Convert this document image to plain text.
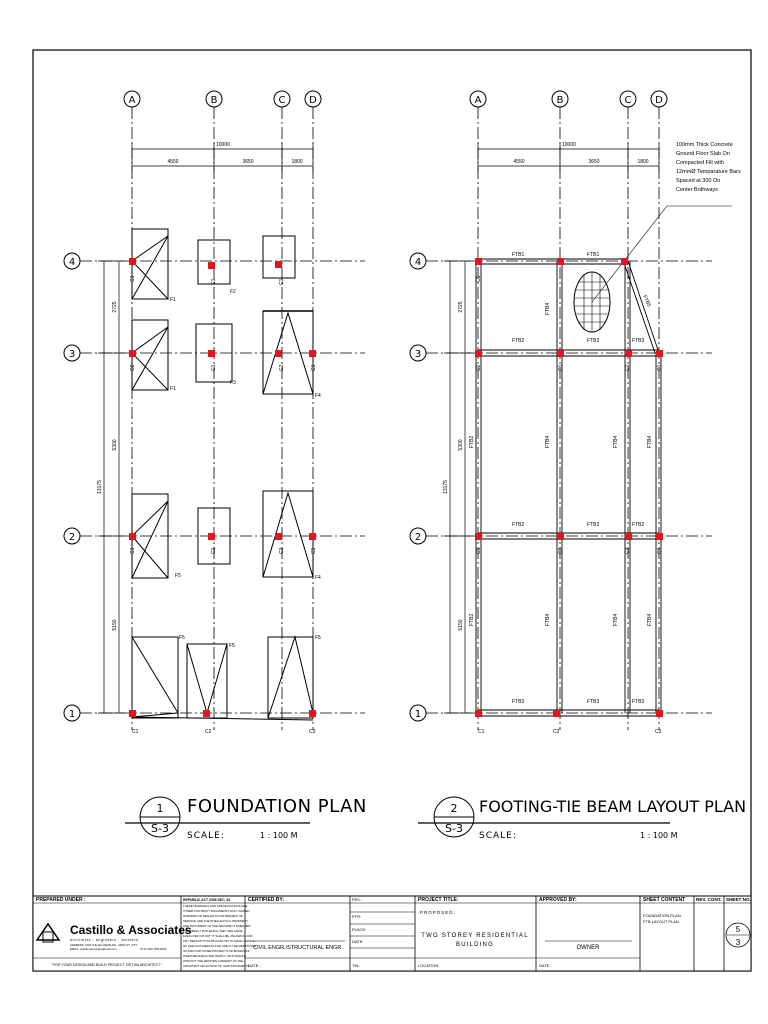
A	B	C D
4
3
2
1
10000
4550	3650	1800
13175
2725
5300
5150
F1
F2
F1
F3
F4
F5	F4
F5
F5
F5
C1	C1	C1
C2	C1	C2	C1
C1	C1	C3	C1
C1	C2	C3
1
S-3
FOUNDATION PLAN
SCALE:	1 : 100 M
A	B	C D
4
3
2
1
10000
4550	3650	1800
13175
2725
5300
5150
100mm Thick Concrete
Ground Floor Slab On
Compacted Fill with
12mmØ Temparature Bars
Spaced at 300 On
Center Bothways
FTB1	FTB1
FTB2	FTB3	FTB3
FTB2	FTB3	FTB2
FTB3	FTB3	FTB3
FTB2
FTB2
FTB4
FTB4
FTB4
FTB4
FTB4
FTB4
FTB4
FTB5
C1
C2	C1	C2	C1
C1	C1	C3	C1
C1	C2	C3
2
S-3
FOOTING-TIE BEAM LAYOUT PLAN
SCALE:	1 : 100 M
PREPARED UNDER :
Castillo & Associates
architects · engineers · builders
ADDRESS: UNIT 5-B, ELLISE BLDG., MAIN ST. CITY
EMAIL: castillo.associates@mail.com	CTN: 0917-555-0000
"FOR YOUR DESIGN AND BUILD PROJECT, GET AN ARCHITECT."
REPUBLIC ACT 9266 SEC. 33
THESE DRAWINGS AND SPECIFICATIONS ARE
OTHER CONTRACT DOCUMENTS DULY SIGNED
STAMPED OR SEALED AS INSTRUMENT OF
SERVICE, ARE THE INTELLECTUAL PROPERTY
AND DOCUMENT OF THE ARCHITECT WHETHER
THE OBJECT FOR WHICH THEY ARE MADE
EXECUTED OR NOT. IT SHALL BE UNLAWFUL FOR
ANY PERSON TO DUPLICATE OR TO MAKE COPIES
OF SAID DOCUMENTS FOR USE IN THE REPETITION
OF AND FOR OTHER PROJECTS OR BUILDINGS,
WHETHER EXECUTED PARTLY OR IN WHOLE
WITHOUT THE WRITTEN CONSENT OF THE
ARCHITECT OR AUTHOR OF SAID DOCUMENTS
CERTIFIED BY:
CIVIL ENGR./STRUCTURAL ENGR.
DATE :
PRC:
PTR:
PLACE:
DATE:
TIN:
PROJECT TITLE:
PROPOSED:
TWO STOREY RESIDENTIAL
BUILDING
LOCATION:
APPROVED BY:
OWNER
DATE :
SHEET CONTENT
FOUNDATION PLAN
FTB LAYOUT PLAN
REV. CONT. SHEET NO.
5
3
